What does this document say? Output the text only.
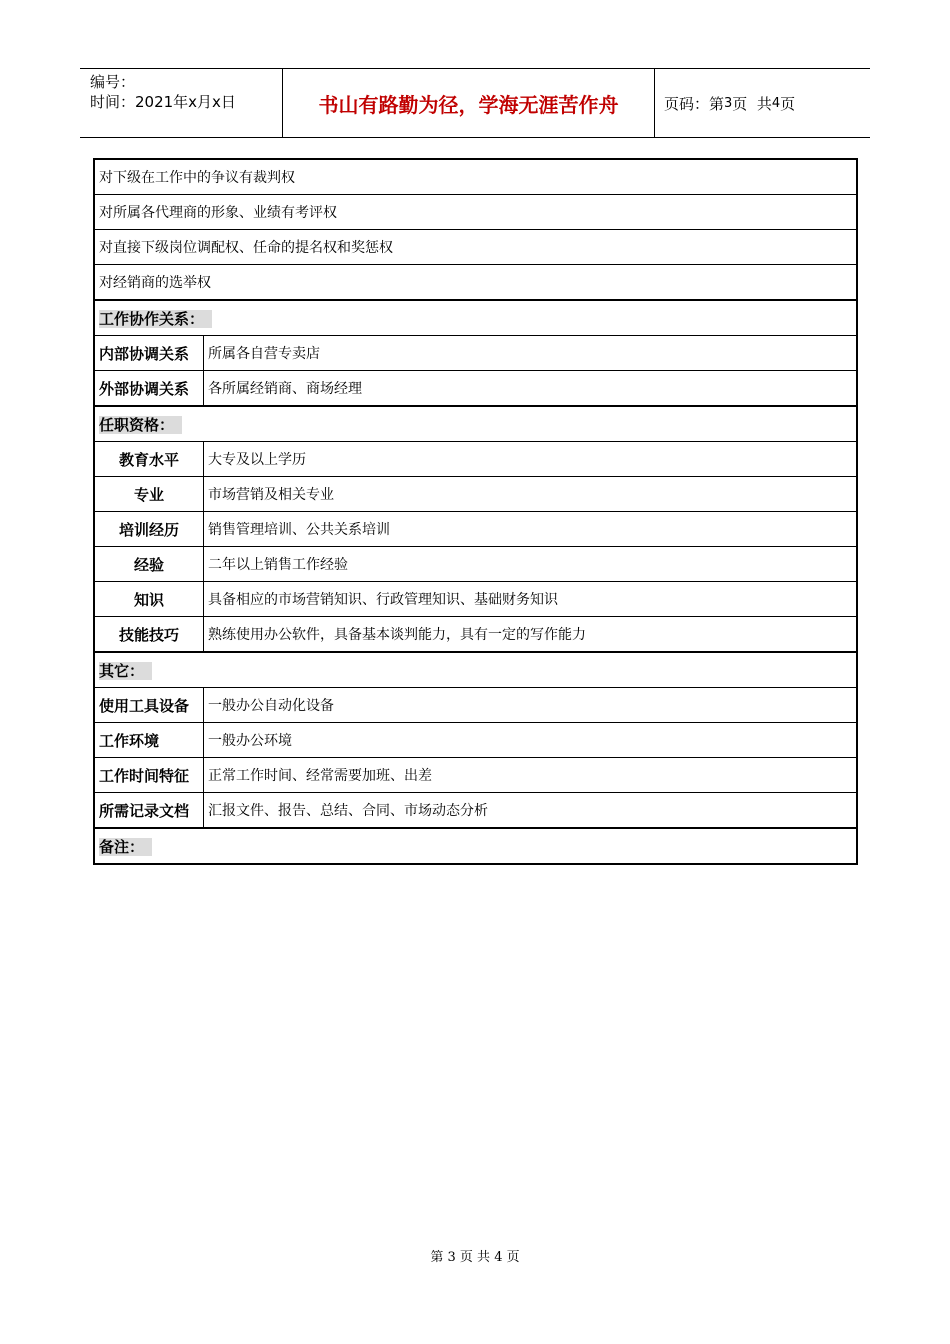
编号：
时间：2021年x月x日	书山有路勤为径，学海无涯苦作舟	页码：第 3 页  共 4 页
对下级在工作中的争议有裁判权	
对所属各代理商的形象、业绩有考评权	
对直接下级岗位调配权、任命的提名权和奖惩权	
对经销商的选举权	
工作协作关系：	
内部协调关系	所属各自营专卖店
外部协调关系	各所属经销商、商场经理
任职资格：	
教育水平	大专及以上学历
专业	市场营销及相关专业
培训经历	销售管理培训、公共关系培训
经验	二年以上销售工作经验
知识	具备相应的市场营销知识、行政管理知识、基础财务知识
技能技巧	熟练使用办公软件，具备基本谈判能力，具有一定的写作能力
其它：	
使用工具设备	一般办公自动化设备
工作环境	一般办公环境
工作时间特征	正常工作时间、经常需要加班、出差
所需记录文档	汇报文件、报告、总结、合同、市场动态分析
备注：	
第 3 页 共 4 页
